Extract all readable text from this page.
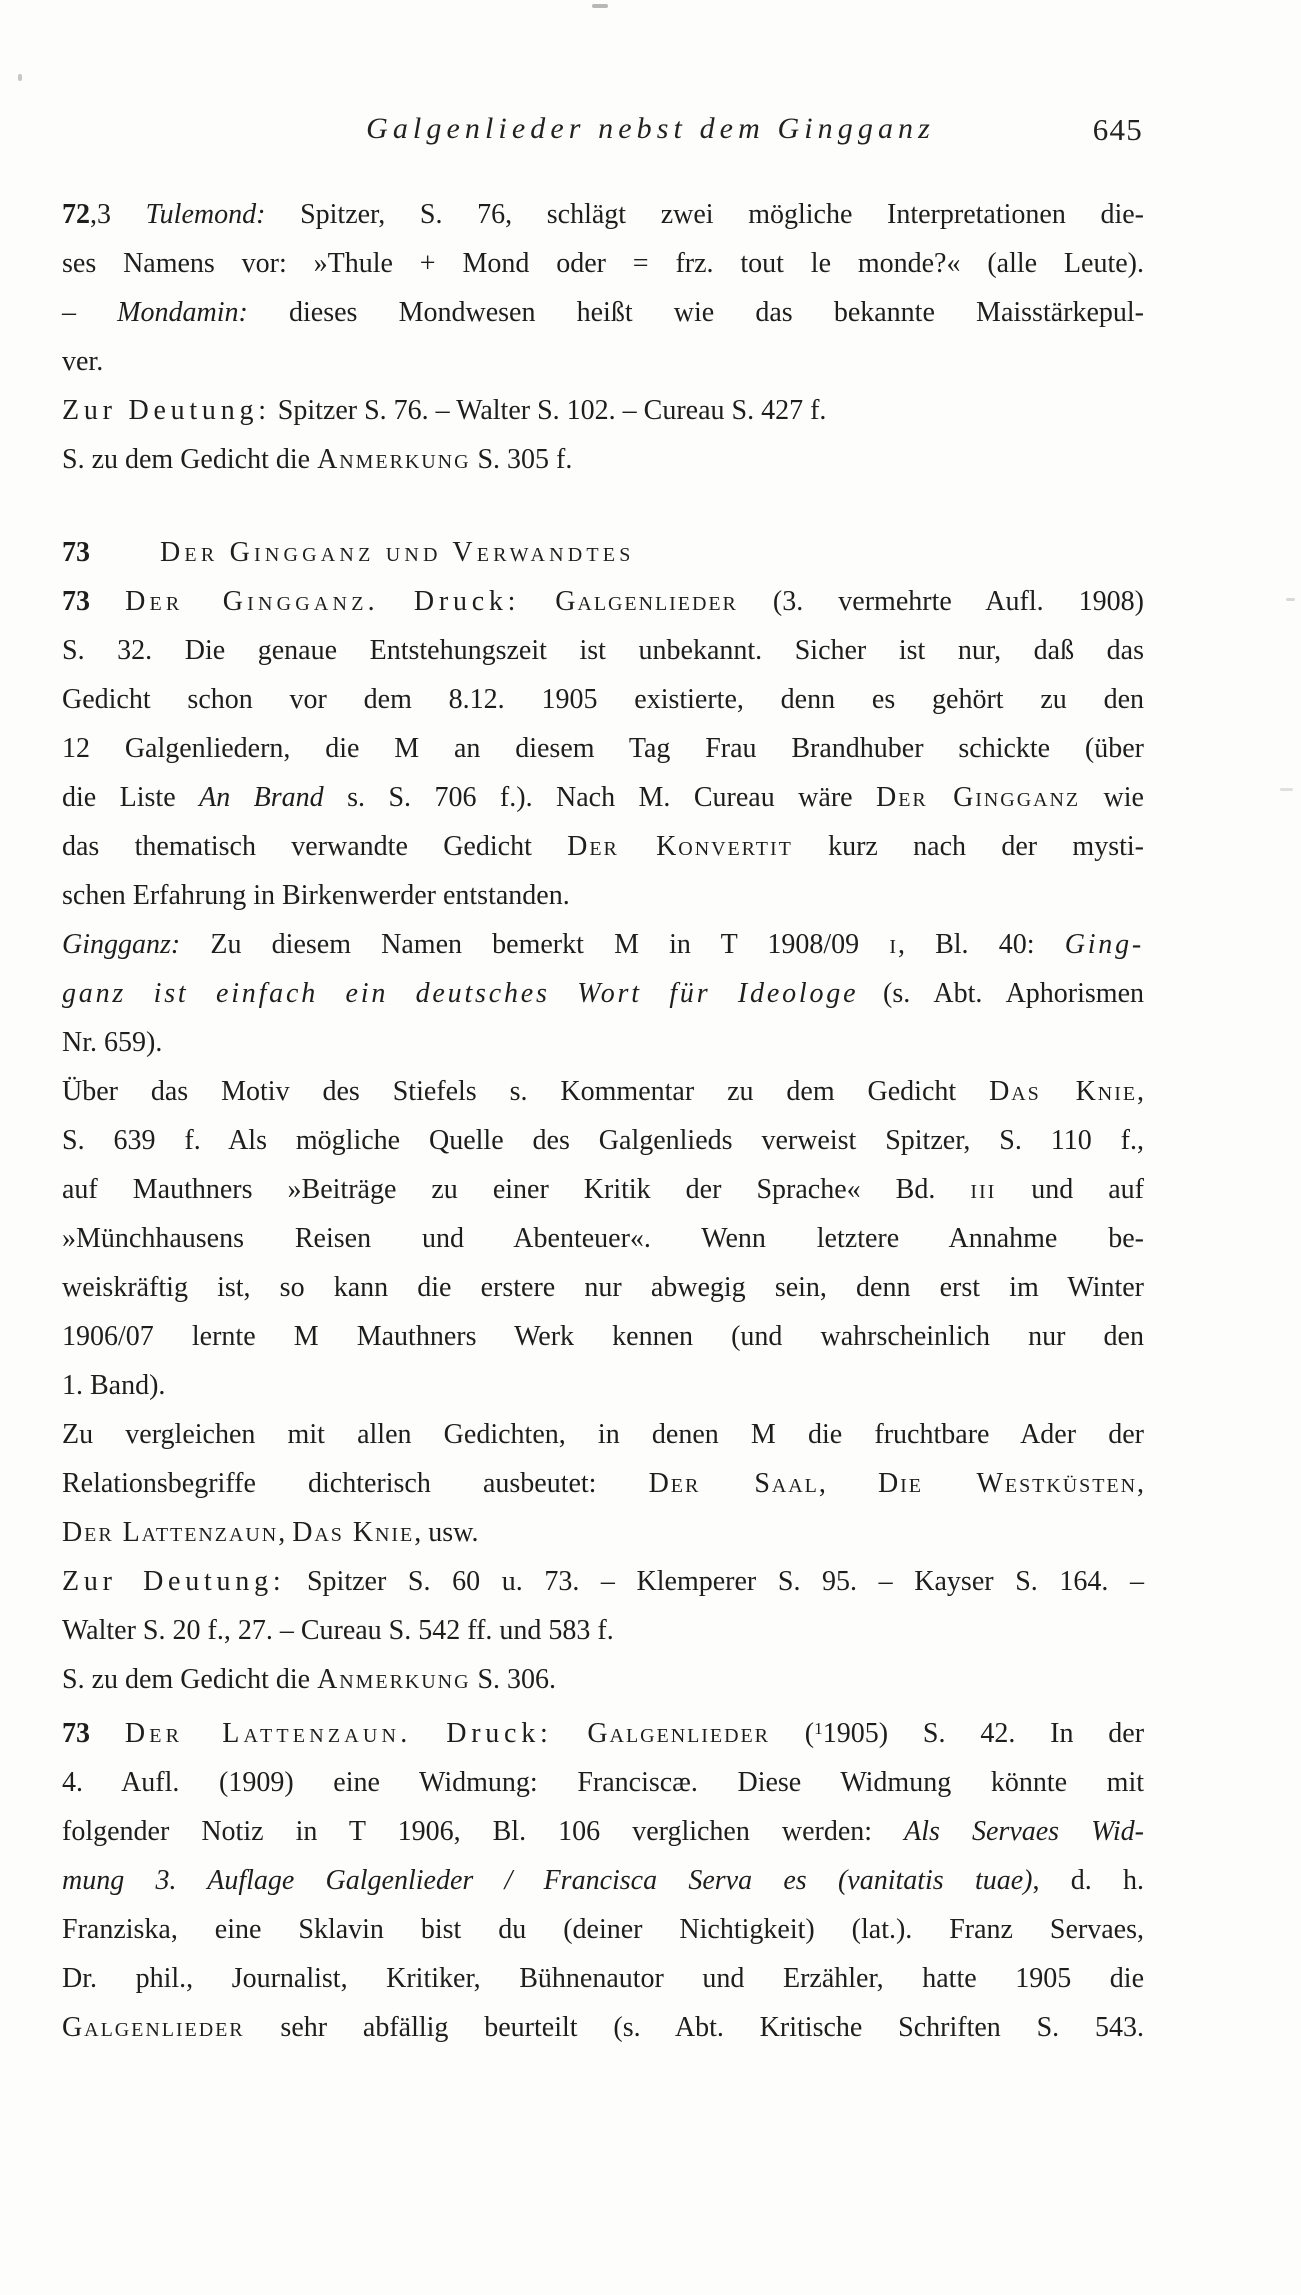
Galgenlieder nebst dem Gingganz	645
72,3 Tulemond: Spitzer, S. 76, schlägt zwei mögliche Interpretationen die-
ses Namens vor: »Thule + Mond oder = frz. tout le monde?« (alle Leute).
– Mondamin: dieses Mondwesen heißt wie das bekannte Maisstärkepul-
ver.
Zur Deutung: Spitzer S. 76. – Walter S. 102. – Cureau S. 427 f.
S. zu dem Gedicht die Anmerkung S. 305 f.
73	Der Gingganz und Verwandtes
73 Der Gingganz. Druck: Galgenlieder (3. vermehrte Aufl. 1908)
S. 32. Die genaue Entstehungszeit ist unbekannt. Sicher ist nur, daß das
Gedicht schon vor dem 8.12. 1905 existierte, denn es gehört zu den
12 Galgenliedern, die M an diesem Tag Frau Brandhuber schickte (über
die Liste An Brand s. S. 706 f.). Nach M. Cureau wäre Der Gingganz wie
das thematisch verwandte Gedicht Der Konvertit kurz nach der mysti-
schen Erfahrung in Birkenwerder entstanden.
Gingganz: Zu diesem Namen bemerkt M in T 1908/09 i, Bl. 40: Ging-
ganz ist einfach ein deutsches Wort für Ideologe (s. Abt. Aphorismen
Nr. 659).
Über das Motiv des Stiefels s. Kommentar zu dem Gedicht Das Knie,
S. 639 f. Als mögliche Quelle des Galgenlieds verweist Spitzer, S. 110 f.,
auf Mauthners »Beiträge zu einer Kritik der Sprache« Bd. iii und auf
»Münchhausens Reisen und Abenteuer«. Wenn letztere Annahme be-
weiskräftig ist, so kann die erstere nur abwegig sein, denn erst im Winter
1906/07 lernte M Mauthners Werk kennen (und wahrscheinlich nur den
1. Band).
Zu vergleichen mit allen Gedichten, in denen M die fruchtbare Ader der
Relationsbegriffe dichterisch ausbeutet: Der Saal, Die Westküsten,
Der Lattenzaun, Das Knie, usw.
Zur Deutung: Spitzer S. 60 u. 73. – Klemperer S. 95. – Kayser S. 164. –
Walter S. 20 f., 27. – Cureau S. 542 ff. und 583 f.
S. zu dem Gedicht die Anmerkung S. 306.
73 Der Lattenzaun. Druck: Galgenlieder ($^1$1905) S. 42. In der
4. Aufl. (1909) eine Widmung: Franciscæ. Diese Widmung könnte mit
folgender Notiz in T 1906, Bl. 106 verglichen werden: Als Servaes Wid-
mung 3. Auflage Galgenlieder / Francisca Serva es (vanitatis tuae), d. h.
Franziska, eine Sklavin bist du (deiner Nichtigkeit) (lat.). Franz Servaes,
Dr. phil., Journalist, Kritiker, Bühnenautor und Erzähler, hatte 1905 die
Galgenlieder sehr abfällig beurteilt (s. Abt. Kritische Schriften S. 543.
